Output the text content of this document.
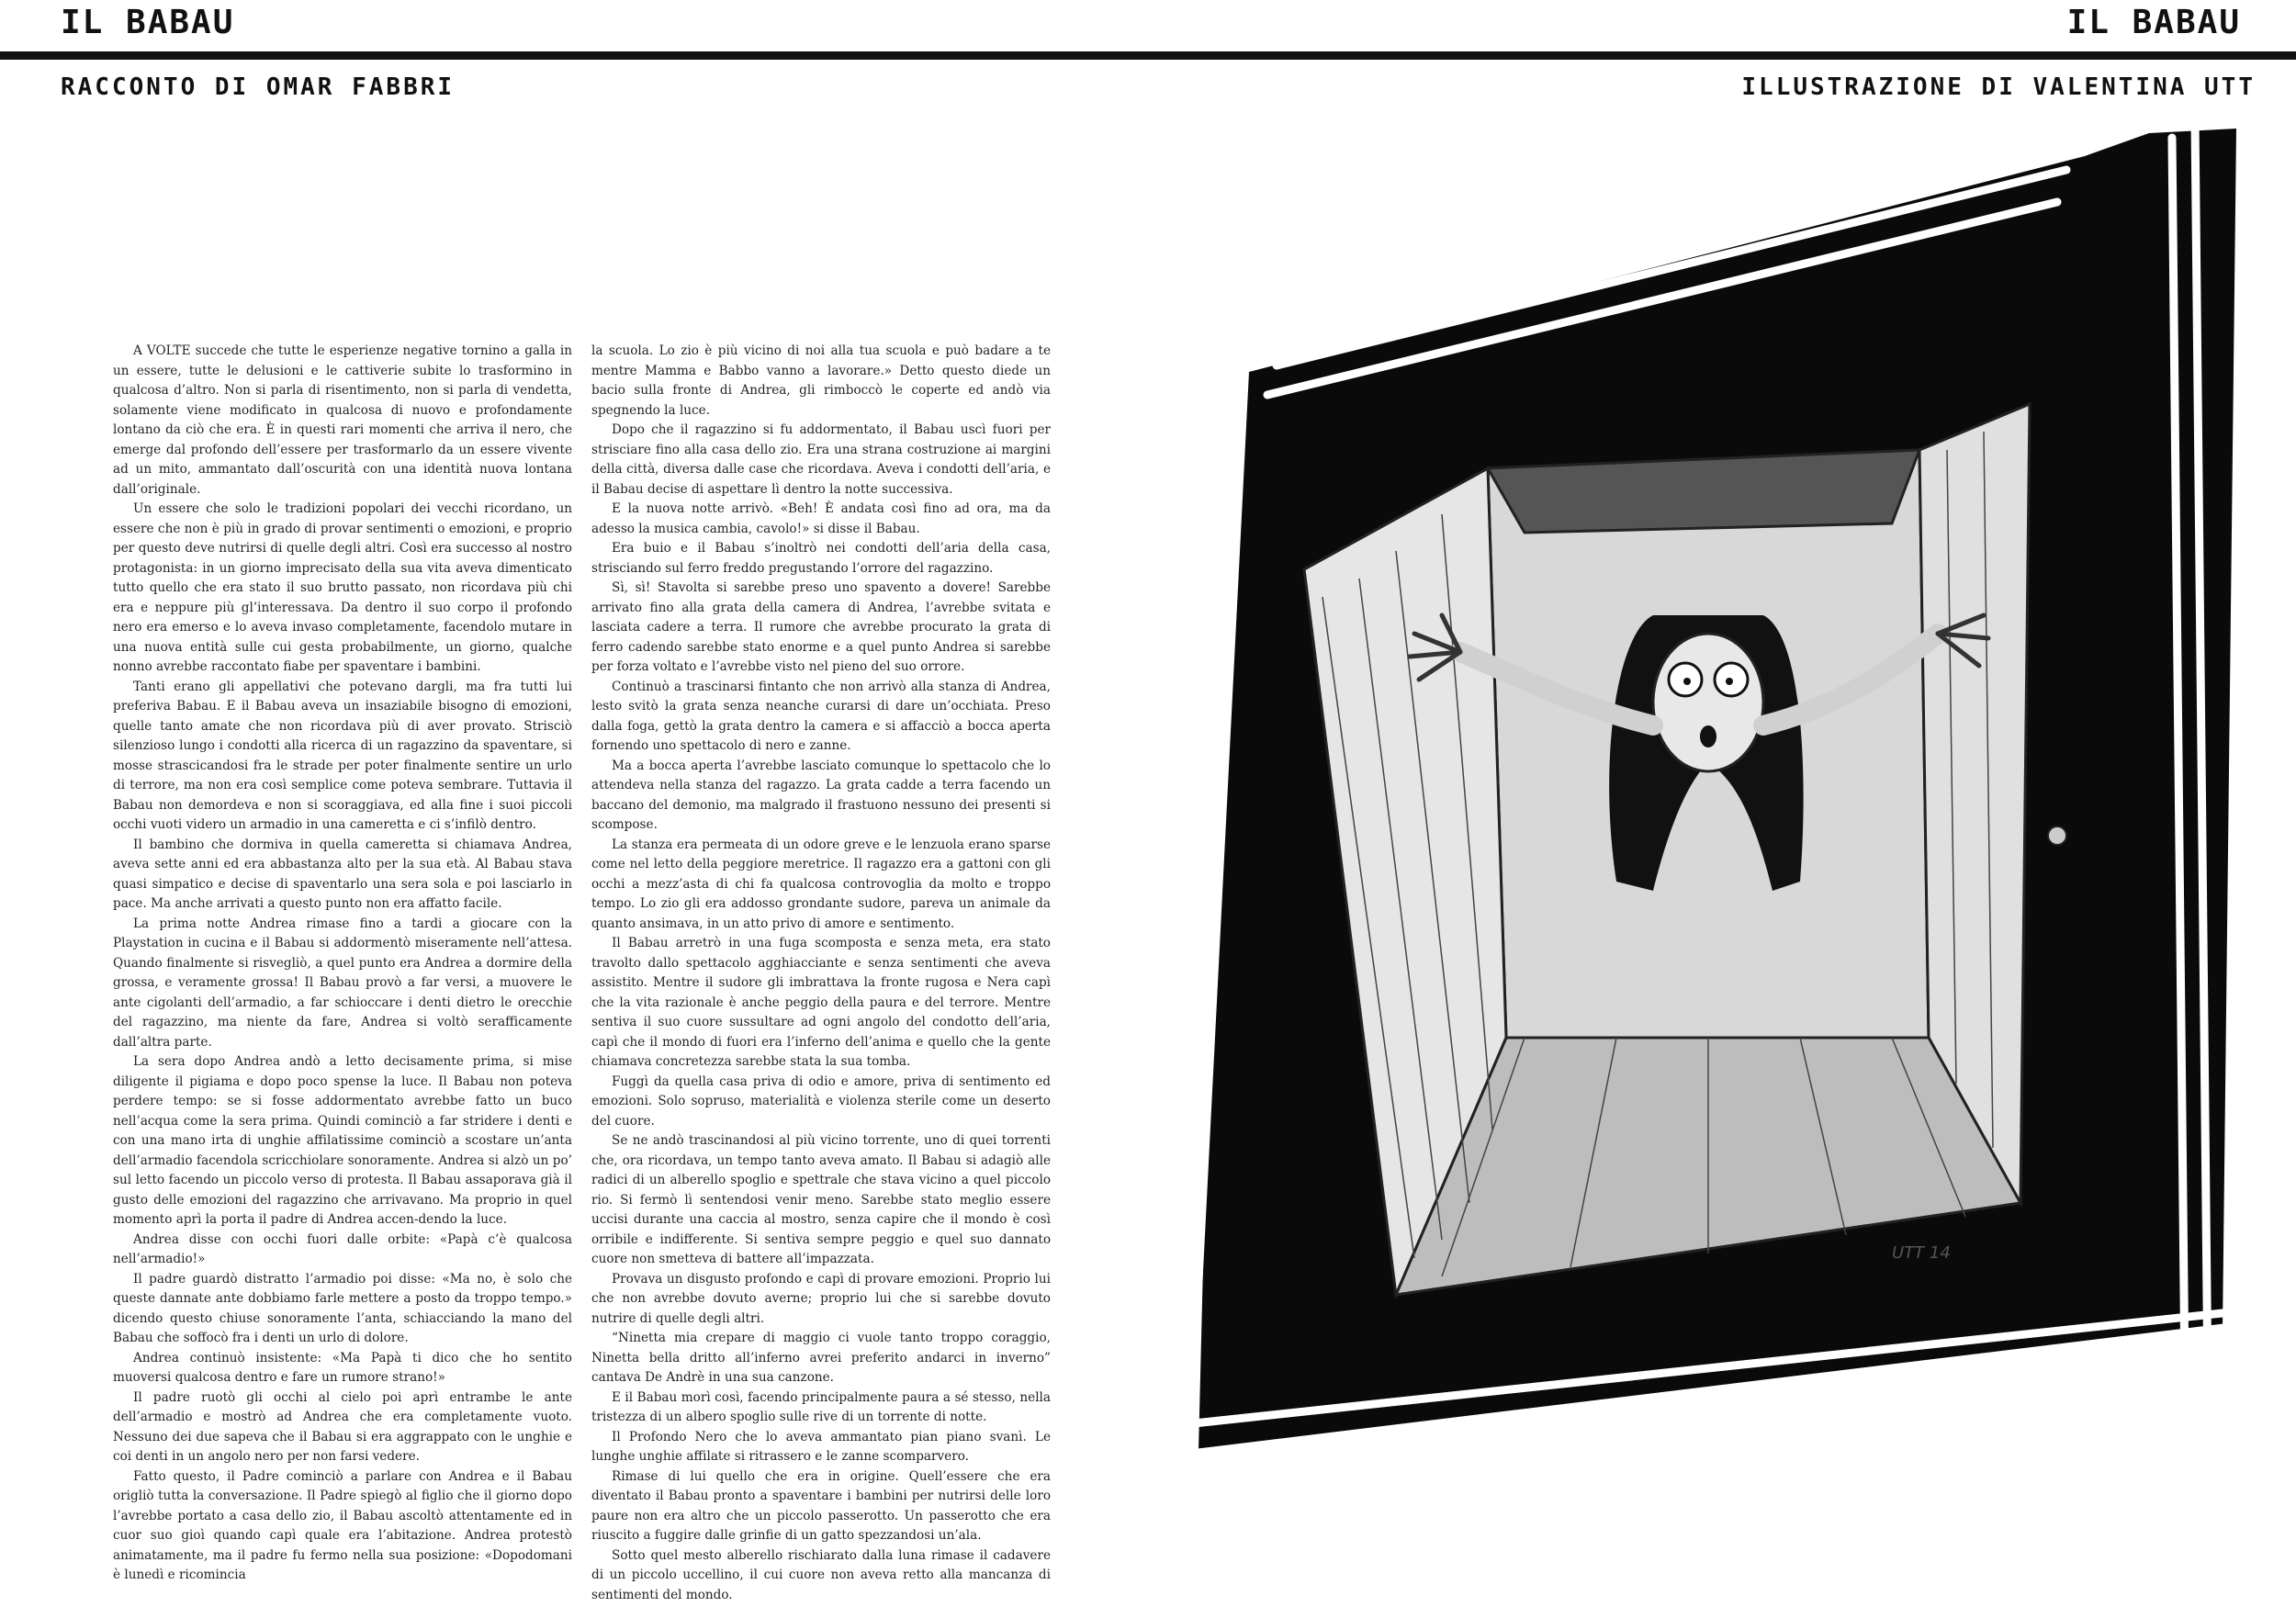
IL BABAU	IL BABAU
RACCONTO DI OMAR FABBRI	ILLUSTRAZIONE DI VALENTINA UTT

A VOLTE succede che tutte le esperienze negative tornino a galla in un essere, tutte le delusioni e le cattiverie subite lo trasformino in qualcosa d’altro. Non si parla di risentimento, non si parla di vendetta, solamente viene modificato in qualcosa di nuovo e profondamente lontano da ciò che era. È in questi rari momenti che arriva il nero, che emerge dal profondo dell’essere per trasformarlo da un essere vivente ad un mito, ammantato dall’oscurità con una identità nuova lontana dall’originale.

Un essere che solo le tradizioni popolari dei vecchi ricordano, un essere che non è più in grado di provar sentimenti o emozioni, e proprio per questo deve nutrirsi di quelle degli altri. Così era successo al nostro protagonista: in un giorno imprecisato della sua vita aveva dimenticato tutto quello che era stato il suo brutto passato, non ricordava più chi era e neppure più gl’interessava. Da dentro il suo corpo il profondo nero era emerso e lo aveva invaso completamente, facendolo mutare in una nuova entità sulle cui gesta probabilmente, un giorno, qualche nonno avrebbe raccontato fiabe per spaventare i bambini.

Tanti erano gli appellativi che potevano dargli, ma fra tutti lui preferiva Babau. E il Babau aveva un insaziabile bisogno di emozioni, quelle tanto amate che non ricordava più di aver provato. Strisciò silenzioso lungo i condotti alla ricerca di un ragazzino da spaventare, si mosse strascicandosi fra le strade per poter finalmente sentire un urlo di terrore, ma non era così semplice come poteva sembrare. Tuttavia il Babau non demordeva e non si scoraggiava, ed alla fine i suoi piccoli occhi vuoti videro un armadio in una cameretta e ci s’infilò dentro.

Il bambino che dormiva in quella cameretta si chiamava Andrea, aveva sette anni ed era abbastanza alto per la sua età. Al Babau stava quasi simpatico e decise di spaventarlo una sera sola e poi lasciarlo in pace. Ma anche arrivati a questo punto non era affatto facile.

La prima notte Andrea rimase fino a tardi a giocare con la Playstation in cucina e il Babau si addormentò miseramente nell’attesa. Quando finalmente si risvegliò, a quel punto era Andrea a dormire della grossa, e veramente grossa! Il Babau provò a far versi, a muovere le ante cigolanti dell’armadio, a far schioccare i denti dietro le orecchie del ragazzino, ma niente da fare, Andrea si voltò serafficamente dall’altra parte.

La sera dopo Andrea andò a letto decisamente prima, si mise diligente il pigiama e dopo poco spense la luce. Il Babau non poteva perdere tempo: se si fosse addormentato avrebbe fatto un buco nell’acqua come la sera prima. Quindi cominciò a far stridere i denti e con una mano irta di unghie affilatissime cominciò a scostare un’anta dell’armadio facendola scricchiolare sonoramente. Andrea si alzò un po’ sul letto facendo un piccolo verso di protesta. Il Babau assaporava già il gusto delle emozioni del ragazzino che arrivavano. Ma proprio in quel momento aprì la porta il padre di Andrea accen-dendo la luce.

Andrea disse con occhi fuori dalle orbite: «Papà c’è qualcosa nell’armadio!»

Il padre guardò distratto l’armadio poi disse: «Ma no, è solo che queste dannate ante dobbiamo farle mettere a posto da troppo tempo.» dicendo questo chiuse sonoramente l’anta, schiacciando la mano del Babau che soffocò fra i denti un urlo di dolore.

Andrea continuò insistente: «Ma Papà ti dico che ho sentito muoversi qualcosa dentro e fare un rumore strano!»

Il padre ruotò gli occhi al cielo poi aprì entrambe le ante dell’armadio e mostrò ad Andrea che era completamente vuoto. Nessuno dei due sapeva che il Babau si era aggrappato con le unghie e coi denti in un angolo nero per non farsi vedere.

Fatto questo, il Padre cominciò a parlare con Andrea e il Babau origliò tutta la conversazione. Il Padre spiegò al figlio che il giorno dopo l’avrebbe portato a casa dello zio, il Babau ascoltò attentamente ed in cuor suo gioì quando capì quale era l’abitazione. Andrea protestò animatamente, ma il padre fu fermo nella sua posizione: «Dopodomani è lunedì e ricomincia

la scuola. Lo zio è più vicino di noi alla tua scuola e può badare a te mentre Mamma e Babbo vanno a lavorare.» Detto questo diede un bacio sulla fronte di Andrea, gli rimboccò le coperte ed andò via spegnendo la luce.

Dopo che il ragazzino si fu addormentato, il Babau uscì fuori per strisciare fino alla casa dello zio. Era una strana costruzione ai margini della città, diversa dalle case che ricordava. Aveva i condotti dell’aria, e il Babau decise di aspettare lì dentro la notte successiva.

E la nuova notte arrivò. «Beh! È andata così fino ad ora, ma da adesso la musica cambia, cavolo!» si disse il Babau.

Era buio e il Babau s’inoltrò nei condotti dell’aria della casa, strisciando sul ferro freddo pregustando l’orrore del ragazzino.

Sì, sì! Stavolta si sarebbe preso uno spavento a dovere! Sarebbe arrivato fino alla grata della camera di Andrea, l’avrebbe svitata e lasciata cadere a terra. Il rumore che avrebbe procurato la grata di ferro cadendo sarebbe stato enorme e a quel punto Andrea si sarebbe per forza voltato e l’avrebbe visto nel pieno del suo orrore.

Continuò a trascinarsi fintanto che non arrivò alla stanza di Andrea, lesto svitò la grata senza neanche curarsi di dare un’occhiata. Preso dalla foga, gettò la grata dentro la camera e si affacciò a bocca aperta fornendo uno spettacolo di nero e zanne.

Ma a bocca aperta l’avrebbe lasciato comunque lo spettacolo che lo attendeva nella stanza del ragazzo. La grata cadde a terra facendo un baccano del demonio, ma malgrado il frastuono nessuno dei presenti si scompose.

La stanza era permeata di un odore greve e le lenzuola erano sparse come nel letto della peggiore meretrice. Il ragazzo era a gattoni con gli occhi a mezz’asta di chi fa qualcosa controvoglia da molto e troppo tempo. Lo zio gli era addosso grondante sudore, pareva un animale da quanto ansimava, in un atto privo di amore e sentimento.

Il Babau arretrò in una fuga scomposta e senza meta, era stato travolto dallo spettacolo agghiacciante e senza sentimenti che aveva assistito. Mentre il sudore gli imbrattava la fronte rugosa e Nera capì che la vita razionale è anche peggio della paura e del terrore. Mentre sentiva il suo cuore sussultare ad ogni angolo del condotto dell’aria, capì che il mondo di fuori era l’inferno dell’anima e quello che la gente chiamava concretezza sarebbe stata la sua tomba.

Fuggì da quella casa priva di odio e amore, priva di sentimento ed emozioni. Solo sopruso, materialità e violenza sterile come un deserto del cuore.

Se ne andò trascinandosi al più vicino torrente, uno di quei torrenti che, ora ricordava, un tempo tanto aveva amato. Il Babau si adagiò alle radici di un alberello spoglio e spettrale che stava vicino a quel piccolo rio. Si fermò lì sentendosi venir meno. Sarebbe stato meglio essere uccisi durante una caccia al mostro, senza capire che il mondo è così orribile e indifferente. Si sentiva sempre peggio e quel suo dannato cuore non smetteva di battere all’impazzata.

Provava un disgusto profondo e capì di provare emozioni. Proprio lui che non avrebbe dovuto averne; proprio lui che si sarebbe dovuto nutrire di quelle degli altri.

“Ninetta mia crepare di maggio ci vuole tanto troppo coraggio, Ninetta bella dritto all’inferno avrei preferito andarci in inverno” cantava De Andrè in una sua canzone.

E il Babau morì così, facendo principalmente paura a sé stesso, nella tristezza di un albero spoglio sulle rive di un torrente di notte.

Il Profondo Nero che lo aveva ammantato pian piano svanì. Le lunghe unghie affilate si ritrassero e le zanne scomparvero.

Rimase di lui quello che era in origine. Quell’essere che era diventato il Babau pronto a spaventare i bambini per nutrirsi delle loro paure non era altro che un piccolo passerotto. Un passerotto che era riuscito a fuggire dalle grinfie di un gatto spezzandosi un’ala.

Sotto quel mesto alberello rischiarato dalla luna rimase il cadavere di un piccolo uccellino, il cui cuore non aveva retto alla mancanza di sentimenti del mondo.

UTT 14
